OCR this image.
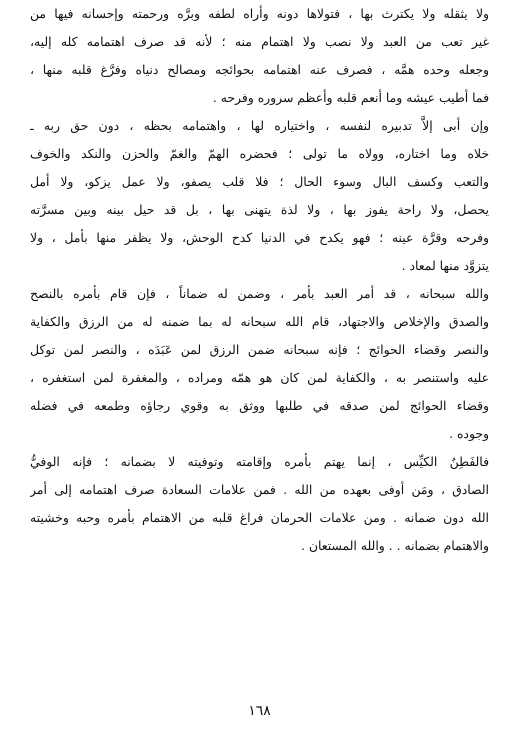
ولا يثقله ولا يكترث بها ، فتولاها دونه وأراه لطفه وبرَّه ورحمته وإحسانه فيها من
غير تعب من العبد ولا نصب ولا اهتمام منه ؛ لأنه قد صرف اهتمامه كله إليه،
وجعله وحده همَّه ، فصرف عنه اهتمامه بحوائجه ومصالح دنياه وفرَّغ قلبه منها ،
فما أطيب عيشه وما أنعم قلبه وأعظم سروره وفرحه .
وإن أبى إلاَّ تدبيره لنفسه ، واختياره لها ، واهتمامه بحظه ، دون حق ربه ـ
خلاه وما اختاره، وولاه ما تولى ؛ فحضره الهمّ والغمّ والحزن والنكد والخوف
والتعب وكسف البال وسوء الحال ؛ فلا قلب يصفو، ولا عمل يزكو، ولا أمل
يحصل، ولا راحة يفوز بها ، ولا لذة يتهنى بها ، بل قد حيل بينه وبين مسرَّته
وفرحه وقرَّة عينه ؛ فهو يكدح في الدنيا كدح الوحش، ولا يظفر منها بأمل ، ولا
يتزوَّد منها لمعاد .
والله سبحانه ، قد أمر العبد بأمر ، وضمن له ضماناً ، فإن قام بأمره بالنصح
والصدق والإخلاص والاجتهاد، قام الله سبحانه له بما ضمنه له من الرزق والكفاية
والنصر وقضاء الحوائج ؛ فإنه سبحانه ضمن الرزق لمن عَبَدَه ، والنصر لمن توكل
عليه واستنصر به ، والكفاية لمن كان هو همّه ومراده ، والمغفرة لمن استغفره ،
وقضاء الحوائج لمن صدقه في طلبها ووثق به وقوي رجاؤه وطمعه في فضله
وجوده .
فالفَطِنُ الكيِّس ، إنما يهتم بأمره وإقامته وتوفيته لا بضمانه ؛ فإنه الوفيُّ
الصادق ، ومَن أوفى بعهده من الله . فمن علامات السعادة صرف اهتمامه إلى أمر
الله دون ضمانه . ومن علامات الحرمان فراغ قلبه من الاهتمام بأمره وحبه وخشيته
والاهتمام بضمانه . . والله المستعان .
١٦٨
